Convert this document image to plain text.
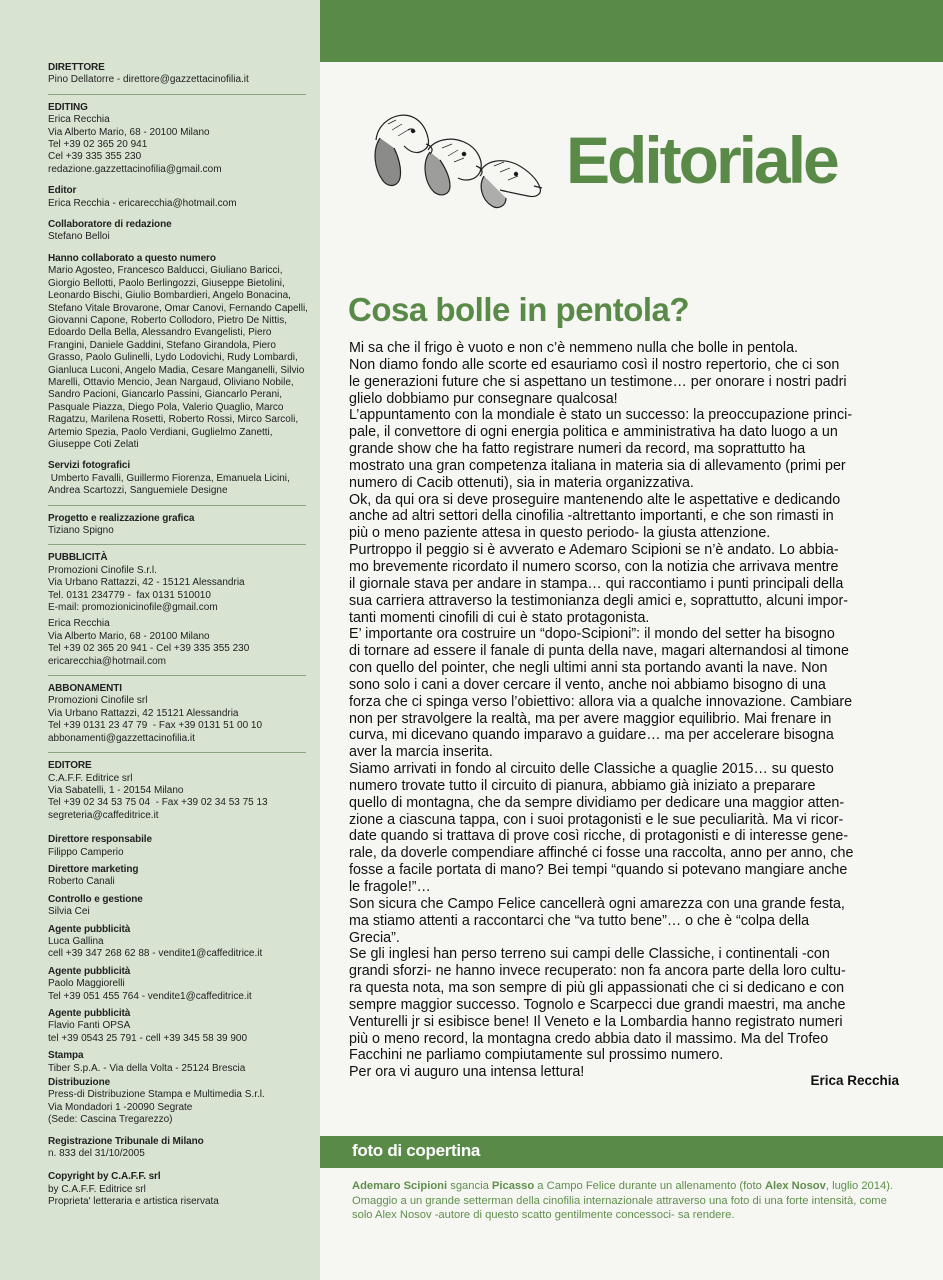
DIRETTORE
Pino Dellatorre - direttore@gazzettacinofilia.it
EDITING
Erica Recchia
Via Alberto Mario, 68 - 20100 Milano
Tel +39 02 365 20 941
Cel +39 335 355 230
redazione.gazzettacinofilia@gmail.com
Editor
Erica Recchia - ericarecchia@hotmail.com
Collaboratore di redazione
Stefano Belloi
Hanno collaborato a questo numero
Mario Agosteo, Francesco Balducci, Giuliano Baricci,
Giorgio Bellotti, Paolo Berlingozzi, Giuseppe Bietolini,
Leonardo Bischi, Giulio Bombardieri, Angelo Bonacina,
Stefano Vitale Brovarone, Omar Canovi, Fernando Capelli,
Giovanni Capone, Roberto Collodoro, Pietro De Nittis,
Edoardo Della Bella, Alessandro Evangelisti, Piero
Frangini, Daniele Gaddini, Stefano Girandola, Piero
Grasso, Paolo Gulinelli, Lydo Lodovichi, Rudy Lombardi,
Gianluca Luconi, Angelo Madia, Cesare Manganelli, Silvio
Marelli, Ottavio Mencio, Jean Nargaud, Oliviano Nobile,
Sandro Pacioni, Giancarlo Passini, Giancarlo Perani,
Pasquale Piazza, Diego Pola, Valerio Quaglio, Marco
Ragatzu, Marilena Rosetti, Roberto Rossi, Mirco Sarcoli,
Artemio Spezia, Paolo Verdiani, Guglielmo Zanetti,
Giuseppe Coti Zelati
Servizi fotografici
Umberto Favalli, Guillermo Fiorenza, Emanuela Licini,
Andrea Scartozzi, Sanguemiele Designe
Progetto e realizzazione grafica
Tiziano Spigno
PUBBLICITÀ
Promozioni Cinofile S.r.l.
Via Urbano Rattazzi, 42 - 15121 Alessandria
Tel. 0131 234779 -  fax 0131 510010
E-mail: promozionicinofile@gmail.com
Erica Recchia
Via Alberto Mario, 68 - 20100 Milano
Tel +39 02 365 20 941 - Cel +39 335 355 230
ericarecchia@hotmail.com
ABBONAMENTI
Promozioni Cinofile srl
Via Urbano Rattazzi, 42 15121 Alessandria
Tel +39 0131 23 47 79  - Fax +39 0131 51 00 10
abbonamenti@gazzettacinofilia.it
EDITORE
C.A.F.F. Editrice srl
Via Sabatelli, 1 - 20154 Milano
Tel +39 02 34 53 75 04  - Fax +39 02 34 53 75 13
segreteria@caffeditrice.it
Direttore responsabile
Filippo Camperio
Direttore marketing
Roberto Canali
Controllo e gestione
Silvia Cei
Agente pubblicità
Luca Gallina
cell +39 347 268 62 88 - vendite1@caffeditrice.it
Agente pubblicità
Paolo Maggiorelli
Tel +39 051 455 764 - vendite1@caffeditrice.it
Agente pubblicità
Flavio Fanti OPSA
tel +39 0543 25 791 - cell +39 345 58 39 900
Stampa
Tiber S.p.A. - Via della Volta - 25124 Brescia
Distribuzione
Press-di Distribuzione Stampa e Multimedia S.r.l.
Via Mondadori 1 -20090 Segrate
(Sede: Cascina Tregarezzo)
Registrazione Tribunale di Milano
n. 833 del 31/10/2005
Copyright by C.A.F.F. srl
by C.A.F.F. Editrice srl
Proprieta' letteraria e artistica riservata
Editoriale
Cosa bolle in pentola?
Mi sa che il frigo è vuoto e non c’è nemmeno nulla che bolle in pentola.
Non diamo fondo alle scorte ed esauriamo così il nostro repertorio, che ci son
le generazioni future che si aspettano un testimone… per onorare i nostri padri
glielo dobbiamo pur consegnare qualcosa!
L’appuntamento con la mondiale è stato un successo: la preoccupazione princi-
pale, il convettore di ogni energia politica e amministrativa ha dato luogo a un
grande show che ha fatto registrare numeri da record, ma soprattutto ha
mostrato una gran competenza italiana in materia sia di allevamento (primi per
numero di Cacib ottenuti), sia in materia organizzativa.
Ok, da qui ora si deve proseguire mantenendo alte le aspettative e dedicando
anche ad altri settori della cinofilia -altrettanto importanti, e che son rimasti in
più o meno paziente attesa in questo periodo- la giusta attenzione.
Purtroppo il peggio si è avverato e Ademaro Scipioni se n’è andato. Lo abbia-
mo brevemente ricordato il numero scorso, con la notizia che arrivava mentre
il giornale stava per andare in stampa… qui raccontiamo i punti principali della
sua carriera attraverso la testimonianza degli amici e, soprattutto, alcuni impor-
tanti momenti cinofili di cui è stato protagonista.
E’ importante ora costruire un “dopo-Scipioni”: il mondo del setter ha bisogno
di tornare ad essere il fanale di punta della nave, magari alternandosi al timone
con quello del pointer, che negli ultimi anni sta portando avanti la nave. Non
sono solo i cani a dover cercare il vento, anche noi abbiamo bisogno di una
forza che ci spinga verso l’obiettivo: allora via a qualche innovazione. Cambiare
non per stravolgere la realtà, ma per avere maggior equilibrio. Mai frenare in
curva, mi dicevano quando imparavo a guidare… ma per accelerare bisogna
aver la marcia inserita.
Siamo arrivati in fondo al circuito delle Classiche a quaglie 2015… su questo
numero trovate tutto il circuito di pianura, abbiamo già iniziato a preparare
quello di montagna, che da sempre dividiamo per dedicare una maggior atten-
zione a ciascuna tappa, con i suoi protagonisti e le sue peculiarità. Ma vi ricor-
date quando si trattava di prove così ricche, di protagonisti e di interesse gene-
rale, da doverle compendiare affinché ci fosse una raccolta, anno per anno, che
fosse a facile portata di mano? Bei tempi “quando si potevano mangiare anche
le fragole!”…
Son sicura che Campo Felice cancellerà ogni amarezza con una grande festa,
ma stiamo attenti a raccontarci che “va tutto bene”… o che è “colpa della
Grecia”.
Se gli inglesi han perso terreno sui campi delle Classiche, i continentali -con
grandi sforzi- ne hanno invece recuperato: non fa ancora parte della loro cultu-
ra questa nota, ma son sempre di più gli appassionati che ci si dedicano e con
sempre maggior successo. Tognolo e Scarpecci due grandi maestri, ma anche
Venturelli jr si esibisce bene! Il Veneto e la Lombardia hanno registrato numeri
più o meno record, la montagna credo abbia dato il massimo. Ma del Trofeo
Facchini ne parliamo compiutamente sul prossimo numero.
Per ora vi auguro una intensa lettura!
Erica Recchia
foto di copertina
Ademaro Scipioni sgancia Picasso a Campo Felice durante un allenamento (foto Alex Nosov, luglio 2014).
Omaggio a un grande setterman della cinofilia internazionale attraverso una foto di una forte intensità, come
solo Alex Nosov -autore di questo scatto gentilmente concessoci- sa rendere.
